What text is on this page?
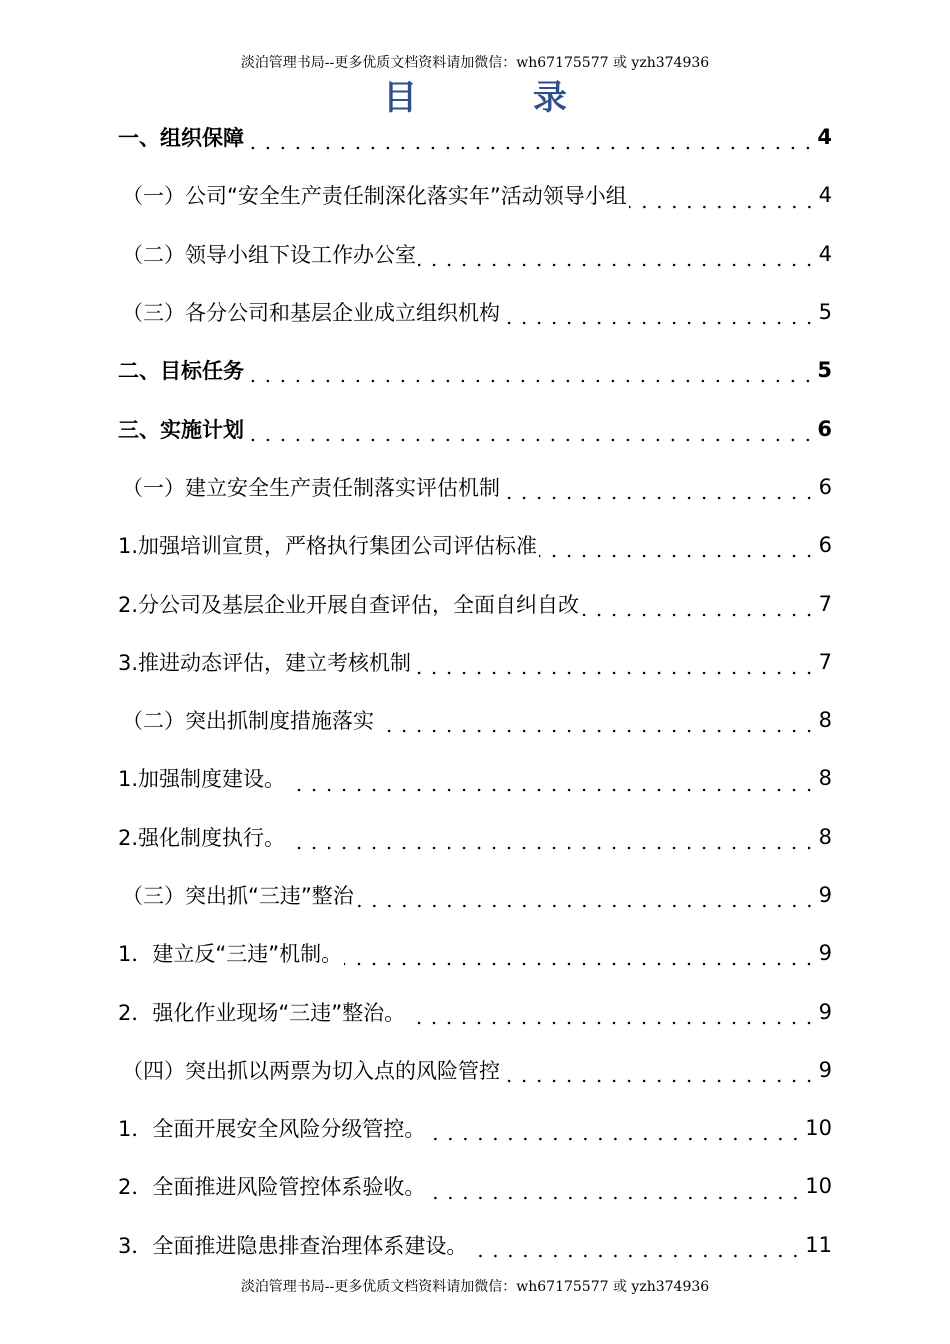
淡泊管理书局--更多优质文档资料请加微信：wh67175577 或 yzh374936
目 录
一、组织保障	4
（一）公司“安全生产责任制深化落实年”活动领导小组	4
（二）领导小组下设工作办公室	4
（三）各分公司和基层企业成立组织机构	5
二、目标任务	5
三、实施计划	6
（一）建立安全生产责任制落实评估机制	6
1.加强培训宣贯，严格执行集团公司评估标准	6
2.分公司及基层企业开展自查评估，全面自纠自改	7
3.推进动态评估，建立考核机制	7
（二）突出抓制度措施落实	8
1.加强制度建设。	8
2.强化制度执行。	8
（三）突出抓“三违”整治	9
1．建立反“三违”机制。	9
2．强化作业现场“三违”整治。	9
（四）突出抓以两票为切入点的风险管控	9
1．全面开展安全风险分级管控。	10
2．全面推进风险管控体系验收。	10
3．全面推进隐患排查治理体系建设。	11
淡泊管理书局--更多优质文档资料请加微信：wh67175577 或 yzh374936
